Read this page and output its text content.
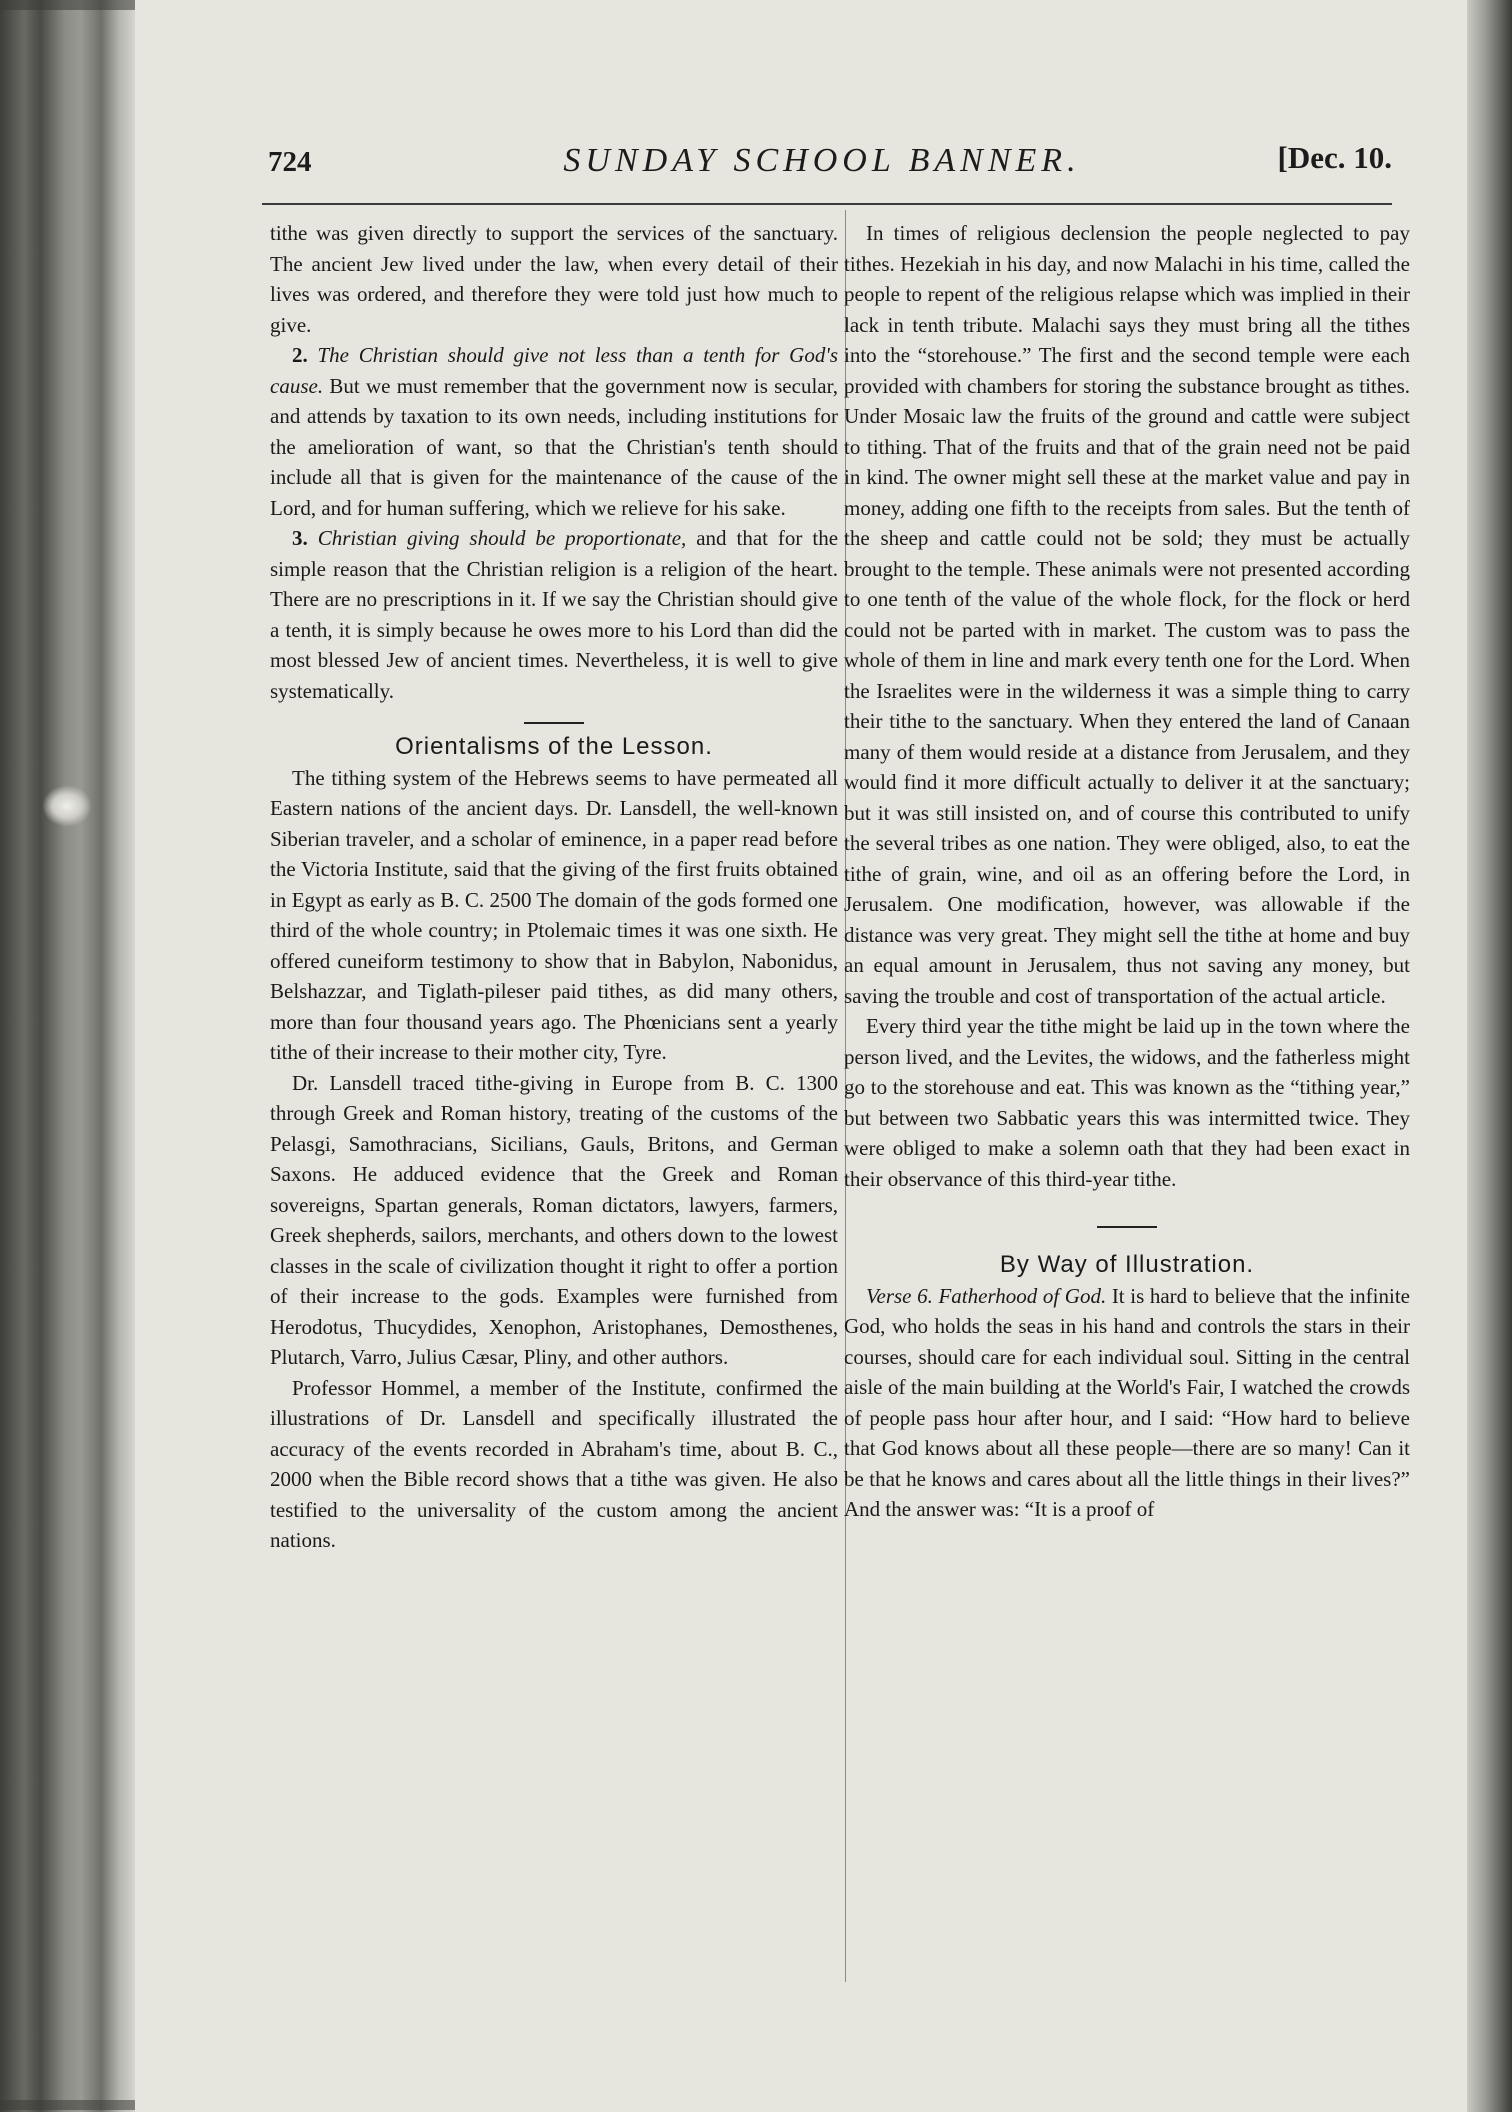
724	SUNDAY SCHOOL BANNER.	[Dec. 10.

tithe was given directly to support the services of the sanctuary. The ancient Jew lived under the law, when every detail of their lives was ordered, and therefore they were told just how much to give.

2. The Christian should give not less than a tenth for God's cause. But we must remember that the government now is secular, and attends by taxation to its own needs, including institutions for the amelioration of want, so that the Christian's tenth should include all that is given for the maintenance of the cause of the Lord, and for human suffering, which we relieve for his sake.

3. Christian giving should be proportionate, and that for the simple reason that the Christian religion is a religion of the heart. There are no prescriptions in it. If we say the Christian should give a tenth, it is simply because he owes more to his Lord than did the most blessed Jew of ancient times. Nevertheless, it is well to give systematically.

Orientalisms of the Lesson.

The tithing system of the Hebrews seems to have permeated all Eastern nations of the ancient days. Dr. Lansdell, the well-known Siberian traveler, and a scholar of eminence, in a paper read before the Victoria Institute, said that the giving of the first fruits obtained in Egypt as early as B. C. 2500 The domain of the gods formed one third of the whole country; in Ptolemaic times it was one sixth. He offered cuneiform testimony to show that in Babylon, Nabonidus, Belshazzar, and Tiglath-pileser paid tithes, as did many others, more than four thousand years ago. The Phœnicians sent a yearly tithe of their increase to their mother city, Tyre.

Dr. Lansdell traced tithe-giving in Europe from B. C. 1300 through Greek and Roman history, treating of the customs of the Pelasgi, Samothracians, Sicilians, Gauls, Britons, and German Saxons. He adduced evidence that the Greek and Roman sovereigns, Spartan generals, Roman dictators, lawyers, farmers, Greek shepherds, sailors, merchants, and others down to the lowest classes in the scale of civilization thought it right to offer a portion of their increase to the gods. Examples were furnished from Herodotus, Thucydides, Xenophon, Aristophanes, Demosthenes, Plutarch, Varro, Julius Cæsar, Pliny, and other authors.

Professor Hommel, a member of the Institute, confirmed the illustrations of Dr. Lansdell and specifically illustrated the accuracy of the events recorded in Abraham's time, about B. C., 2000 when the Bible record shows that a tithe was given. He also testified to the universality of the custom among the ancient nations.

In times of religious declension the people neglected to pay tithes. Hezekiah in his day, and now Malachi in his time, called the people to repent of the religious relapse which was implied in their lack in tenth tribute. Malachi says they must bring all the tithes into the “storehouse.” The first and the second temple were each provided with chambers for storing the substance brought as tithes. Under Mosaic law the fruits of the ground and cattle were subject to tithing. That of the fruits and that of the grain need not be paid in kind. The owner might sell these at the market value and pay in money, adding one fifth to the receipts from sales. But the tenth of the sheep and cattle could not be sold; they must be actually brought to the temple. These animals were not presented according to one tenth of the value of the whole flock, for the flock or herd could not be parted with in market. The custom was to pass the whole of them in line and mark every tenth one for the Lord. When the Israelites were in the wilderness it was a simple thing to carry their tithe to the sanctuary. When they entered the land of Canaan many of them would reside at a distance from Jerusalem, and they would find it more difficult actually to deliver it at the sanctuary; but it was still insisted on, and of course this contributed to unify the several tribes as one nation. They were obliged, also, to eat the tithe of grain, wine, and oil as an offering before the Lord, in Jerusalem. One modification, however, was allowable if the distance was very great. They might sell the tithe at home and buy an equal amount in Jerusalem, thus not saving any money, but saving the trouble and cost of transportation of the actual article.

Every third year the tithe might be laid up in the town where the person lived, and the Levites, the widows, and the fatherless might go to the storehouse and eat. This was known as the “tithing year,” but between two Sabbatic years this was intermitted twice. They were obliged to make a solemn oath that they had been exact in their observance of this third-year tithe.

By Way of Illustration.

Verse 6. Fatherhood of God. It is hard to believe that the infinite God, who holds the seas in his hand and controls the stars in their courses, should care for each individual soul. Sitting in the central aisle of the main building at the World's Fair, I watched the crowds of people pass hour after hour, and I said: “How hard to believe that God knows about all these people—there are so many! Can it be that he knows and cares about all the little things in their lives?” And the answer was: “It is a proof of
